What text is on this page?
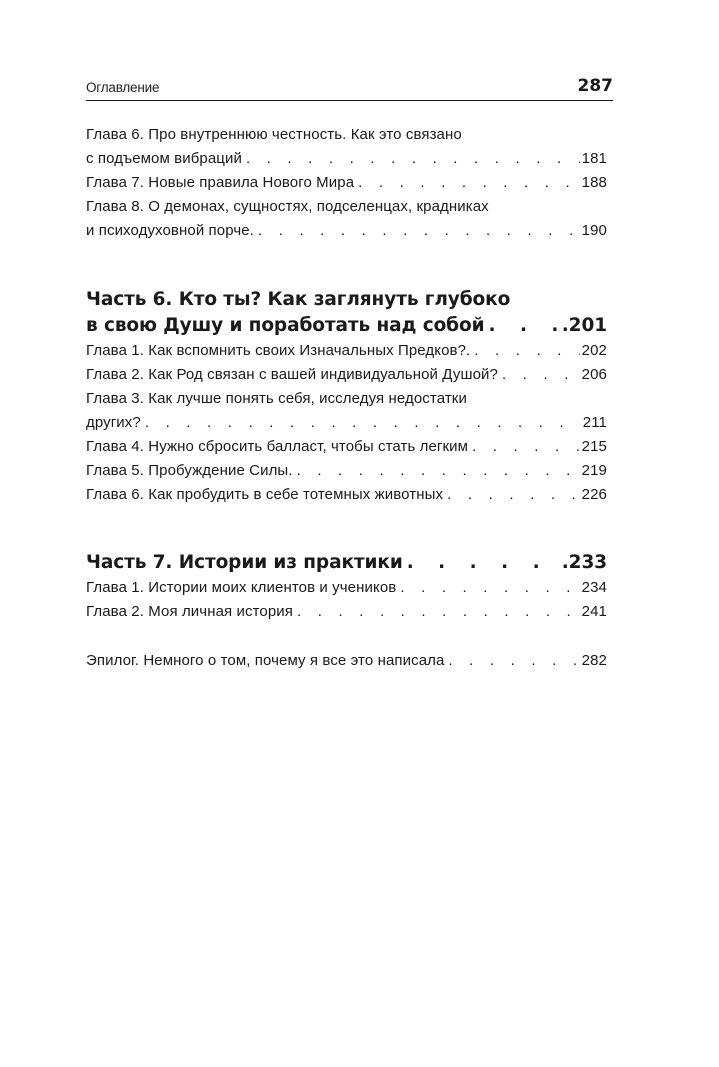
Оглавление	287
Глава 6. Про внутреннюю честность. Как это связано
с подъемом вибраций . . .	181
Глава 7. Новые правила Нового Мира . . .	188
Глава 8. О демонах, сущностях, подселенцах, крадниках
и психодуховной порче. . . .	190
Часть 6. Кто ты? Как заглянуть глубоко
в свою Душу и поработать над собой . . .	.201
Глава 1. Как вспомнить своих Изначальных Предков?. . . .	202
Глава 2. Как Род связан с вашей индивидуальной Душой? . . .	206
Глава 3. Как лучше понять себя, исследуя недостатки
других? . . .	211
Глава 4. Нужно сбросить балласт, чтобы стать легким . . .	215
Глава 5. Пробуждение Силы. . . .	219
Глава 6. Как пробудить в себе тотемных животных . . .	226
Часть 7. Истории из практики . . .	.233
Глава 1. Истории моих клиентов и учеников . . .	234
Глава 2. Моя личная история . . .	241
Эпилог. Немного о том, почему я все это написала . . .	282
